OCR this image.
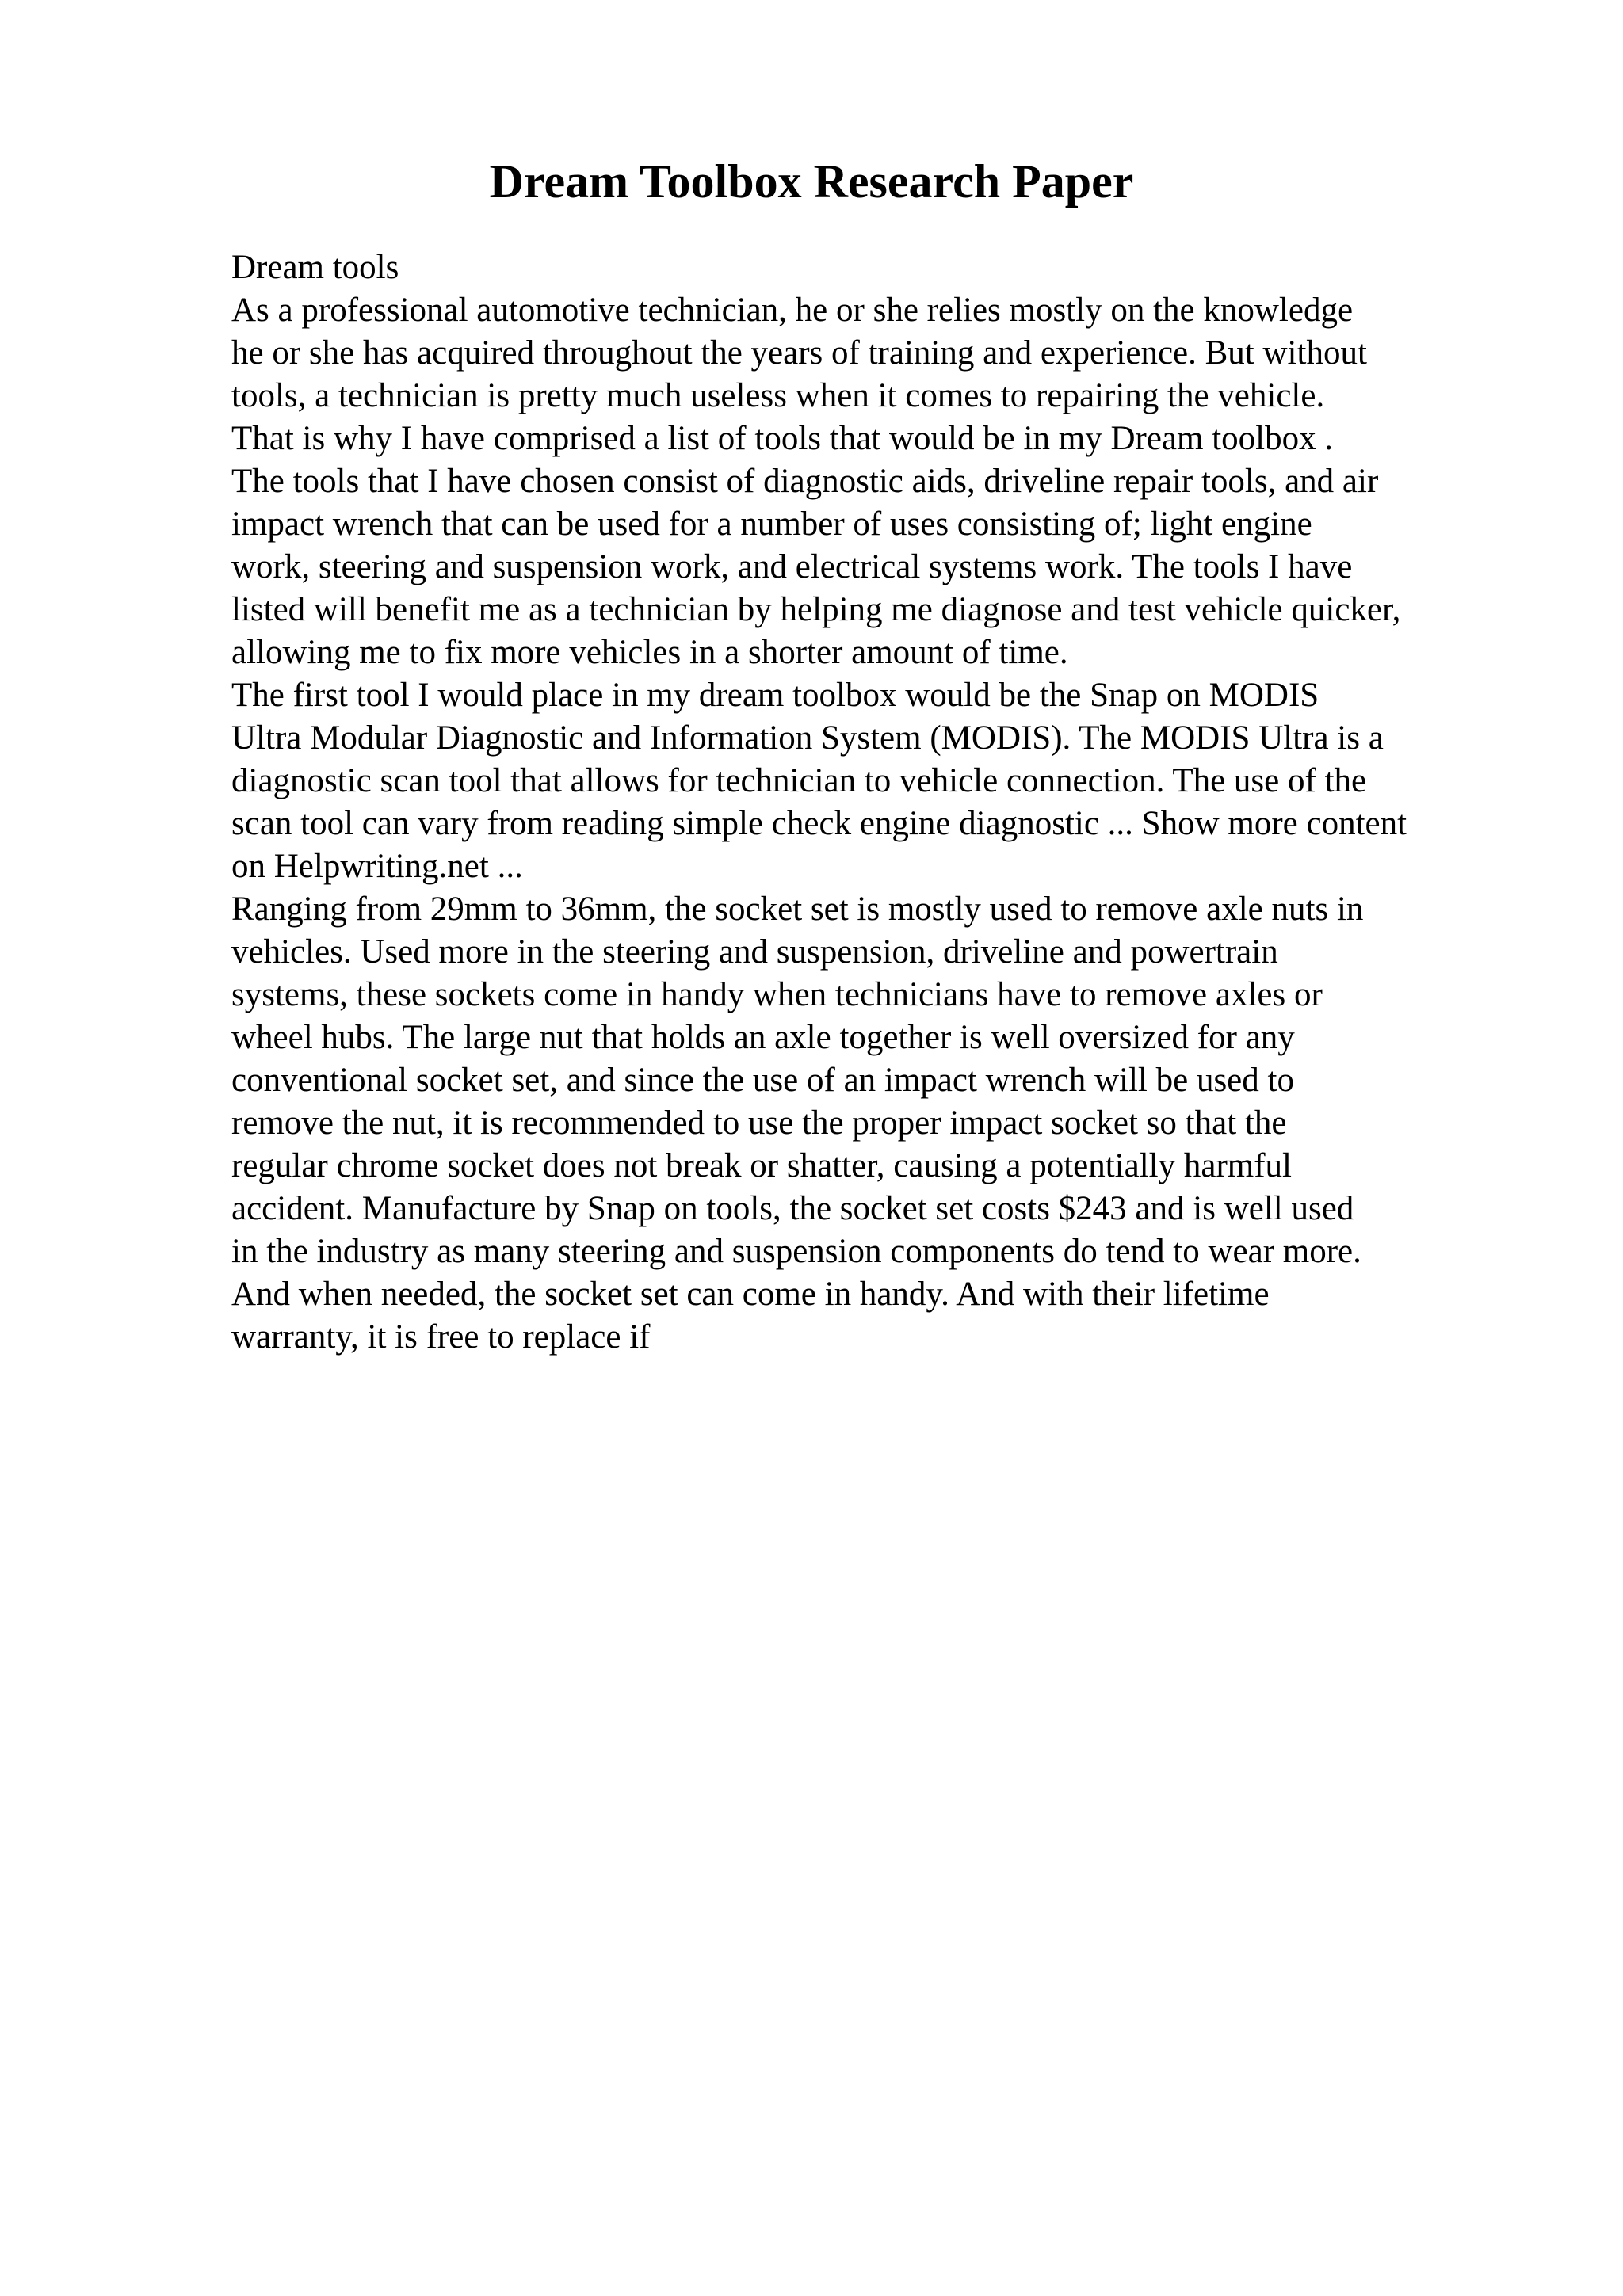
Dream Toolbox Research Paper
Dream tools
As a professional automotive technician, he or she relies mostly on the knowledge
he or she has acquired throughout the years of training and experience. But without
tools, a technician is pretty much useless when it comes to repairing the vehicle.
That is why I have comprised a list of tools that would be in my Dream toolbox .
The tools that I have chosen consist of diagnostic aids, driveline repair tools, and air
impact wrench that can be used for a number of uses consisting of; light engine
work, steering and suspension work, and electrical systems work. The tools I have
listed will benefit me as a technician by helping me diagnose and test vehicle quicker,
allowing me to fix more vehicles in a shorter amount of time.
The first tool I would place in my dream toolbox would be the Snap on MODIS
Ultra Modular Diagnostic and Information System (MODIS). The MODIS Ultra is a
diagnostic scan tool that allows for technician to vehicle connection. The use of the
scan tool can vary from reading simple check engine diagnostic ... Show more content
on Helpwriting.net ...
Ranging from 29mm to 36mm, the socket set is mostly used to remove axle nuts in
vehicles. Used more in the steering and suspension, driveline and powertrain
systems, these sockets come in handy when technicians have to remove axles or
wheel hubs. The large nut that holds an axle together is well oversized for any
conventional socket set, and since the use of an impact wrench will be used to
remove the nut, it is recommended to use the proper impact socket so that the
regular chrome socket does not break or shatter, causing a potentially harmful
accident. Manufacture by Snap on tools, the socket set costs $243 and is well used
in the industry as many steering and suspension components do tend to wear more.
And when needed, the socket set can come in handy. And with their lifetime
warranty, it is free to replace if
